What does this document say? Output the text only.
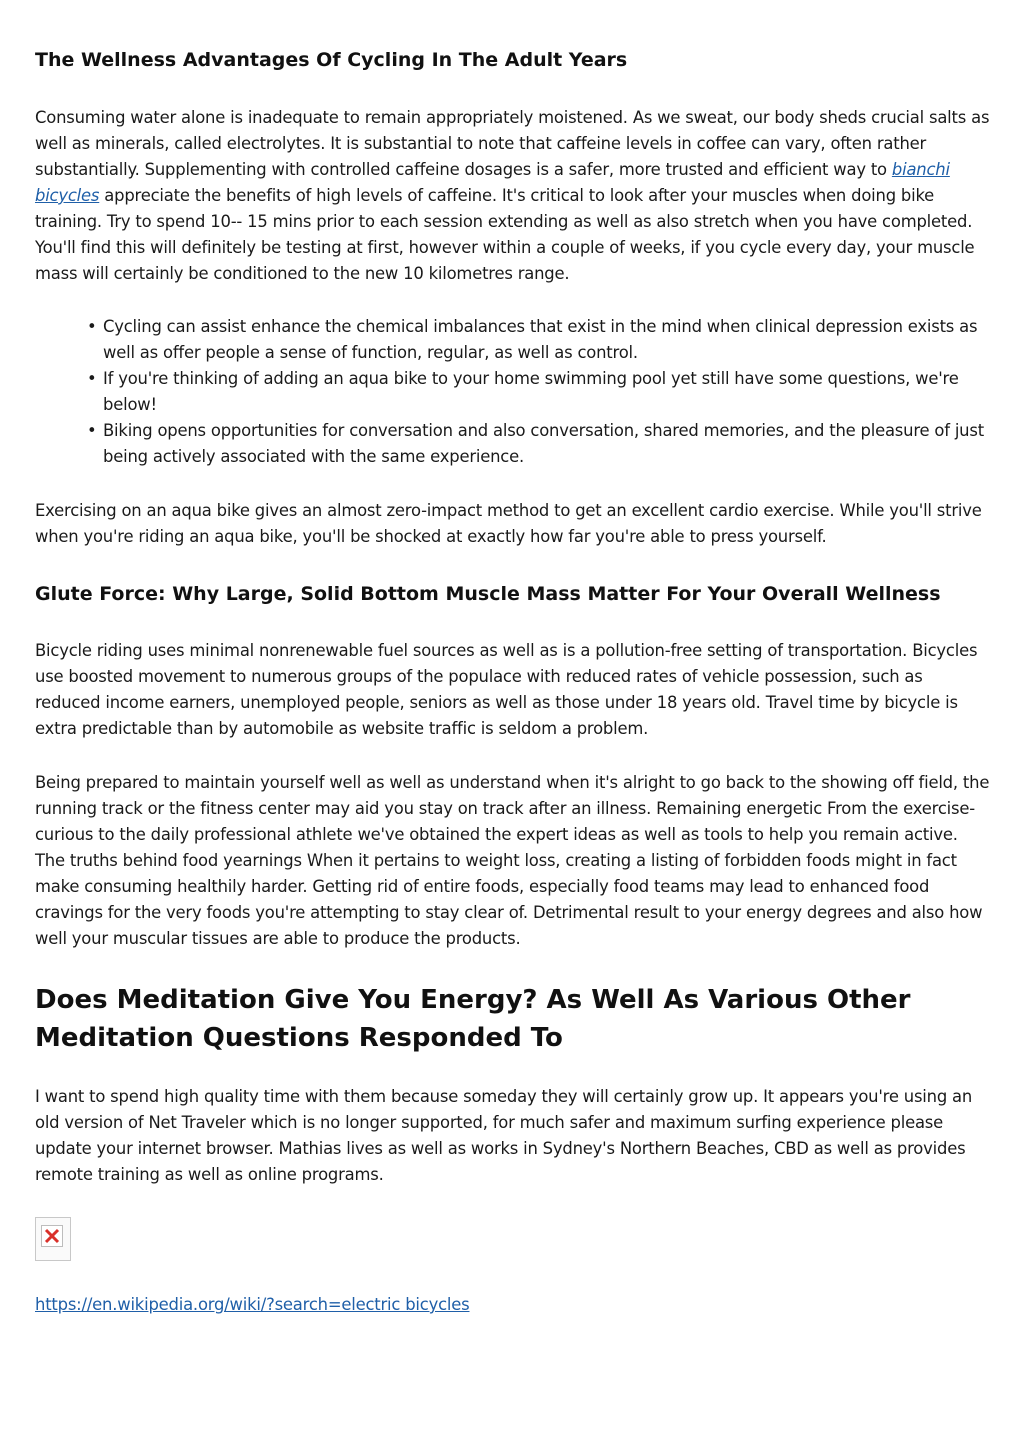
The Wellness Advantages Of Cycling In The Adult Years

Consuming water alone is inadequate to remain appropriately moistened. As we sweat, our body sheds crucial salts as well as minerals, called electrolytes. It is substantial to note that caffeine levels in coffee can vary, often rather substantially. Supplementing with controlled caffeine dosages is a safer, more trusted and efficient way to bianchi bicycles appreciate the benefits of high levels of caffeine. It's critical to look after your muscles when doing bike training. Try to spend 10-- 15 mins prior to each session extending as well as also stretch when you have completed. You'll find this will definitely be testing at first, however within a couple of weeks, if you cycle every day, your muscle mass will certainly be conditioned to the new 10 kilometres range.

• Cycling can assist enhance the chemical imbalances that exist in the mind when clinical depression exists as well as offer people a sense of function, regular, as well as control.
• If you're thinking of adding an aqua bike to your home swimming pool yet still have some questions, we're below!
• Biking opens opportunities for conversation and also conversation, shared memories, and the pleasure of just being actively associated with the same experience.

Exercising on an aqua bike gives an almost zero-impact method to get an excellent cardio exercise. While you'll strive when you're riding an aqua bike, you'll be shocked at exactly how far you're able to press yourself.

Glute Force: Why Large, Solid Bottom Muscle Mass Matter For Your Overall Wellness

Bicycle riding uses minimal nonrenewable fuel sources as well as is a pollution-free setting of transportation. Bicycles use boosted movement to numerous groups of the populace with reduced rates of vehicle possession, such as reduced income earners, unemployed people, seniors as well as those under 18 years old. Travel time by bicycle is extra predictable than by automobile as website traffic is seldom a problem.

Being prepared to maintain yourself well as well as understand when it's alright to go back to the showing off field, the running track or the fitness center may aid you stay on track after an illness. Remaining energetic From the exercise-curious to the daily professional athlete we've obtained the expert ideas as well as tools to help you remain active. The truths behind food yearnings When it pertains to weight loss, creating a listing of forbidden foods might in fact make consuming healthily harder. Getting rid of entire foods, especially food teams may lead to enhanced food cravings for the very foods you're attempting to stay clear of. Detrimental result to your energy degrees and also how well your muscular tissues are able to produce the products.

Does Meditation Give You Energy? As Well As Various Other
Meditation Questions Responded To

I want to spend high quality time with them because someday they will certainly grow up. It appears you're using an old version of Net Traveler which is no longer supported, for much safer and maximum surfing experience please update your internet browser. Mathias lives as well as works in Sydney's Northern Beaches, CBD as well as provides remote training as well as online programs.

https://en.wikipedia.org/wiki/?search=electric bicycles
